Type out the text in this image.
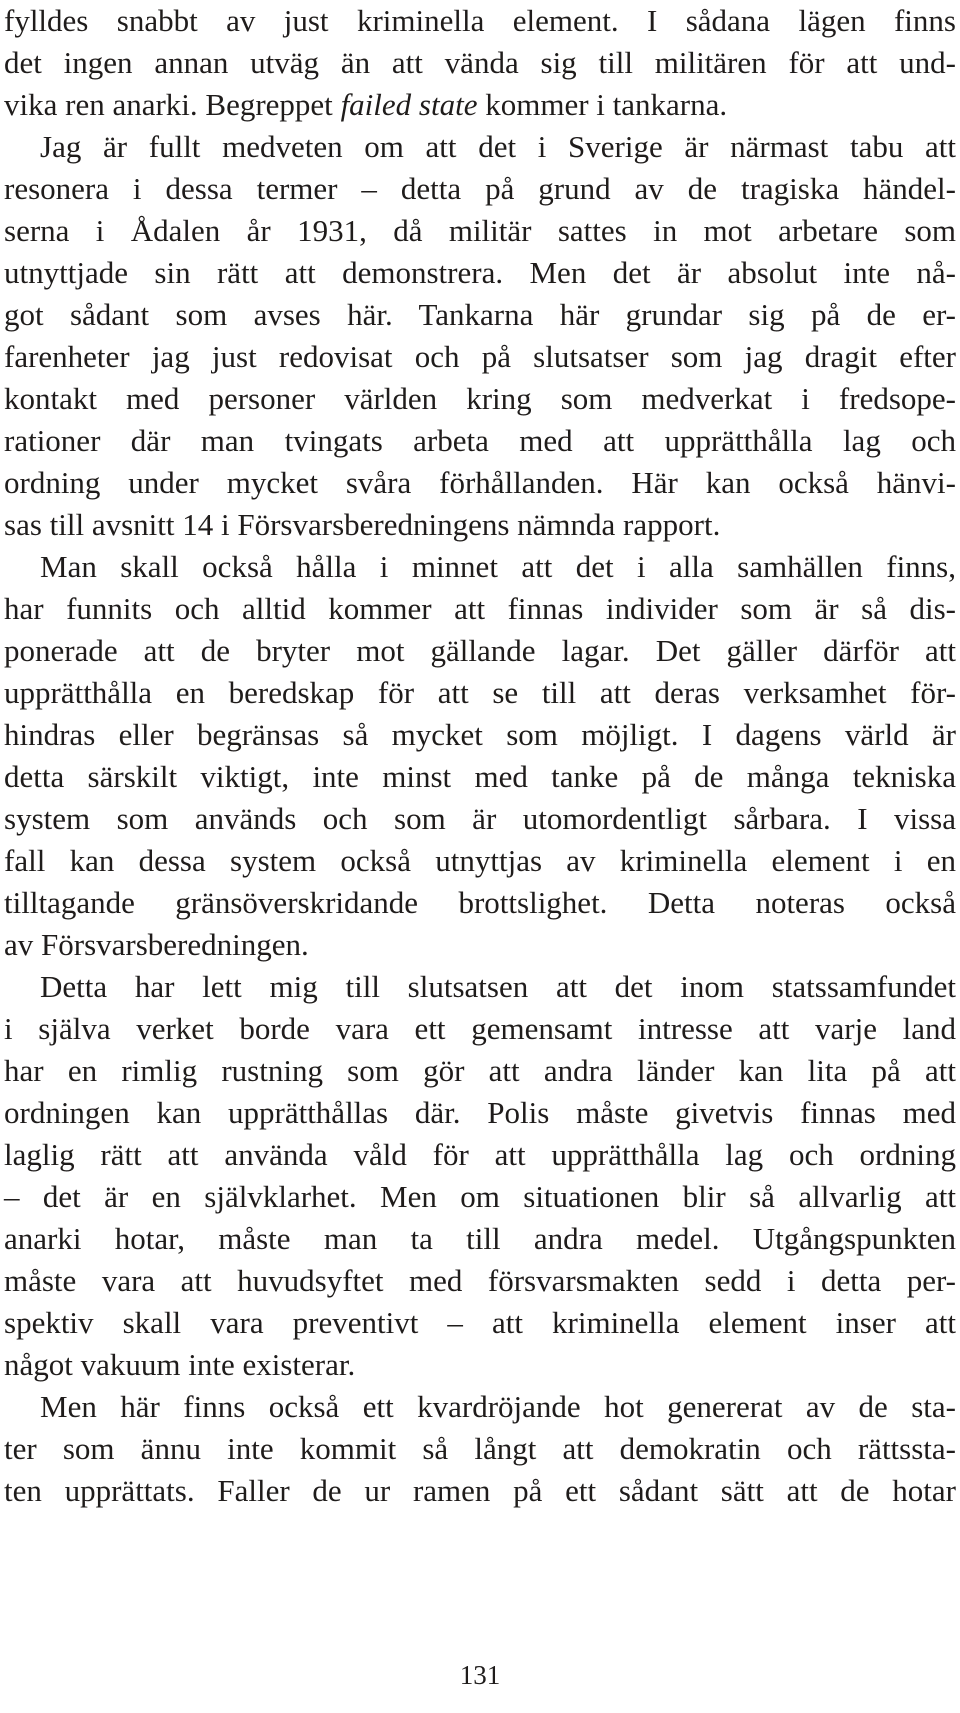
fylldes snabbt av just kriminella element. I sådana lägen finns
det ingen annan utväg än att vända sig till militären för att und-
vika ren anarki. Begreppet failed state kommer i tankarna.
Jag är fullt medveten om att det i Sverige är närmast tabu att
resonera i dessa termer – detta på grund av de tragiska händel-
serna i Ådalen år 1931, då militär sattes in mot arbetare som
utnyttjade sin rätt att demonstrera. Men det är absolut inte nå-
got sådant som avses här. Tankarna här grundar sig på de er-
farenheter jag just redovisat och på slutsatser som jag dragit efter
kontakt med personer världen kring som medverkat i fredsope-
rationer där man tvingats arbeta med att upprätthålla lag och
ordning under mycket svåra förhållanden. Här kan också hänvi-
sas till avsnitt 14 i Försvarsberedningens nämnda rapport.
Man skall också hålla i minnet att det i alla samhällen finns,
har funnits och alltid kommer att finnas individer som är så dis-
ponerade att de bryter mot gällande lagar. Det gäller därför att
upprätthålla en beredskap för att se till att deras verksamhet för-
hindras eller begränsas så mycket som möjligt. I dagens värld är
detta särskilt viktigt, inte minst med tanke på de många tekniska
system som används och som är utomordentligt sårbara. I vissa
fall kan dessa system också utnyttjas av kriminella element i en
tilltagande gränsöverskridande brottslighet. Detta noteras också
av Försvarsberedningen.
Detta har lett mig till slutsatsen att det inom statssamfundet
i själva verket borde vara ett gemensamt intresse att varje land
har en rimlig rustning som gör att andra länder kan lita på att
ordningen kan upprätthållas där. Polis måste givetvis finnas med
laglig rätt att använda våld för att upprätthålla lag och ordning
– det är en självklarhet. Men om situationen blir så allvarlig att
anarki hotar, måste man ta till andra medel. Utgångspunkten
måste vara att huvudsyftet med försvarsmakten sedd i detta per-
spektiv skall vara preventivt – att kriminella element inser att
något vakuum inte existerar.
Men här finns också ett kvardröjande hot genererat av de sta-
ter som ännu inte kommit så långt att demokratin och rättssta-
ten upprättats. Faller de ur ramen på ett sådant sätt att de hotar
131
